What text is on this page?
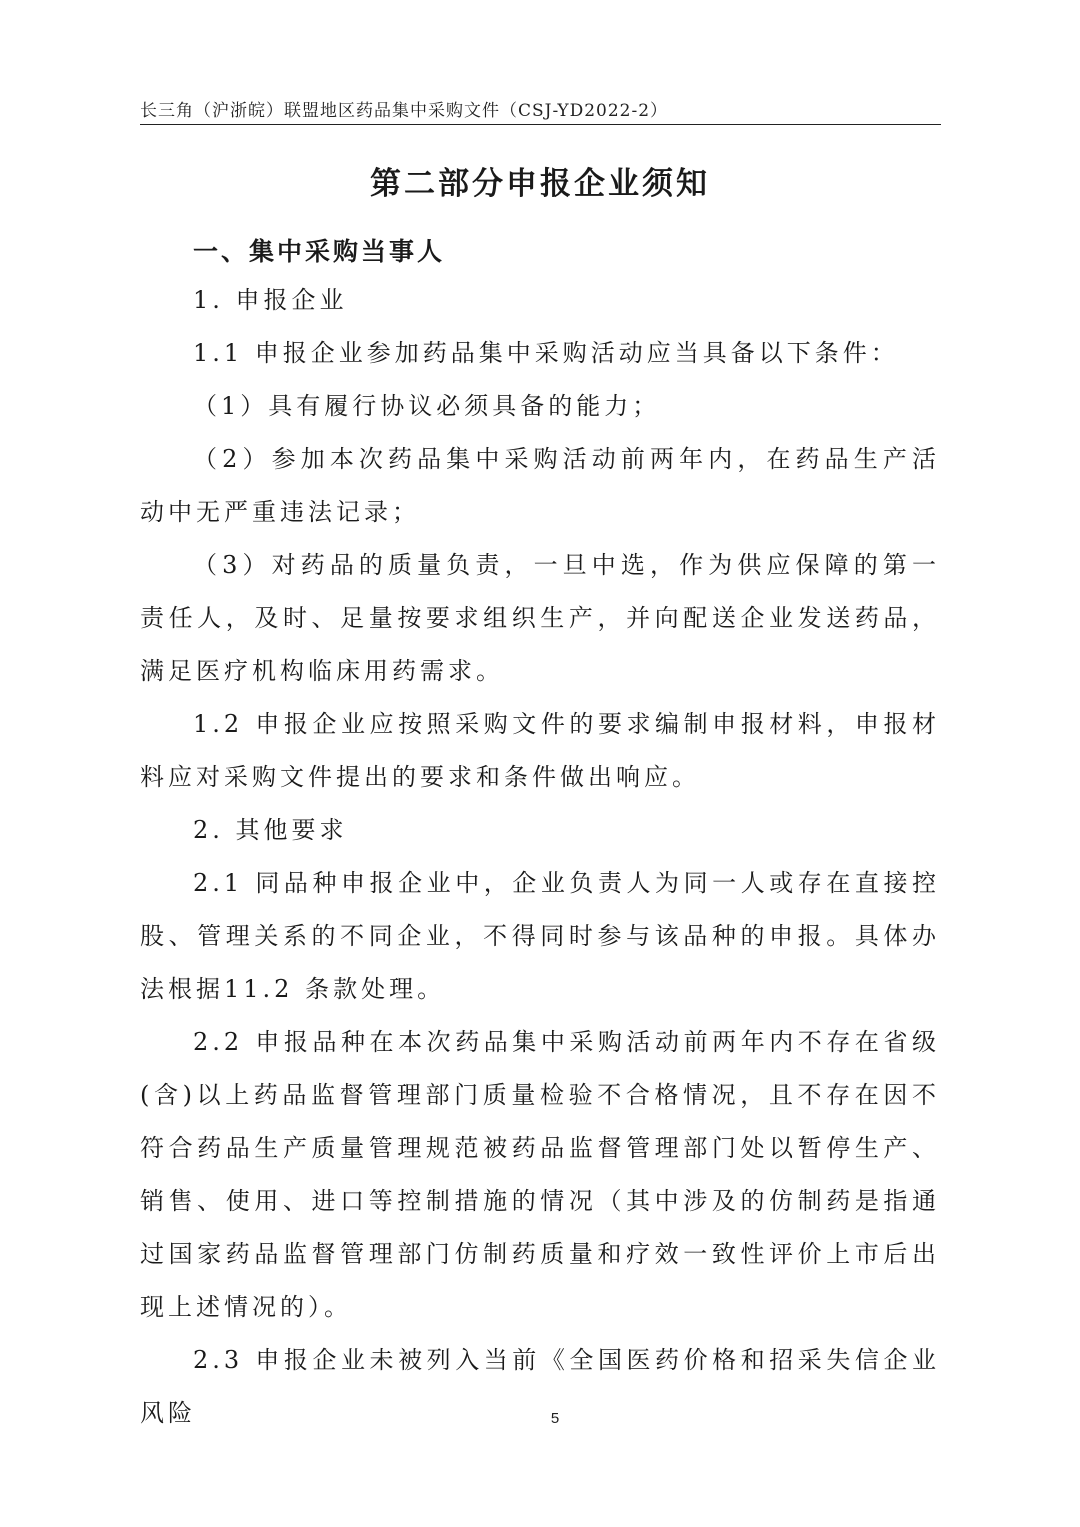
长三角（沪浙皖）联盟地区药品集中采购文件（CSJ-YD2022-2）
第二部分申报企业须知
一、集中采购当事人

1. 申报企业

1.1 申报企业参加药品集中采购活动应当具备以下条件：

（1）具有履行协议必须具备的能力；

（2）参加本次药品集中采购活动前两年内，在药品生产活动中无严重违法记录；

（3）对药品的质量负责，一旦中选，作为供应保障的第一责任人，及时、足量按要求组织生产，并向配送企业发送药品，满足医疗机构临床用药需求。

1.2 申报企业应按照采购文件的要求编制申报材料，申报材料应对采购文件提出的要求和条件做出响应。

2. 其他要求

2.1 同品种申报企业中，企业负责人为同一人或存在直接控股、管理关系的不同企业，不得同时参与该品种的申报。具体办法根据11.2 条款处理。

2.2 申报品种在本次药品集中采购活动前两年内不存在省级(含)以上药品监督管理部门质量检验不合格情况，且不存在因不符合药品生产质量管理规范被药品监督管理部门处以暂停生产、销售、使用、进口等控制措施的情况（其中涉及的仿制药是指通过国家药品监督管理部门仿制药质量和疗效一致性评价上市后出现上述情况的）。

2.3 申报企业未被列入当前《全国医药价格和招采失信企业风险	5
